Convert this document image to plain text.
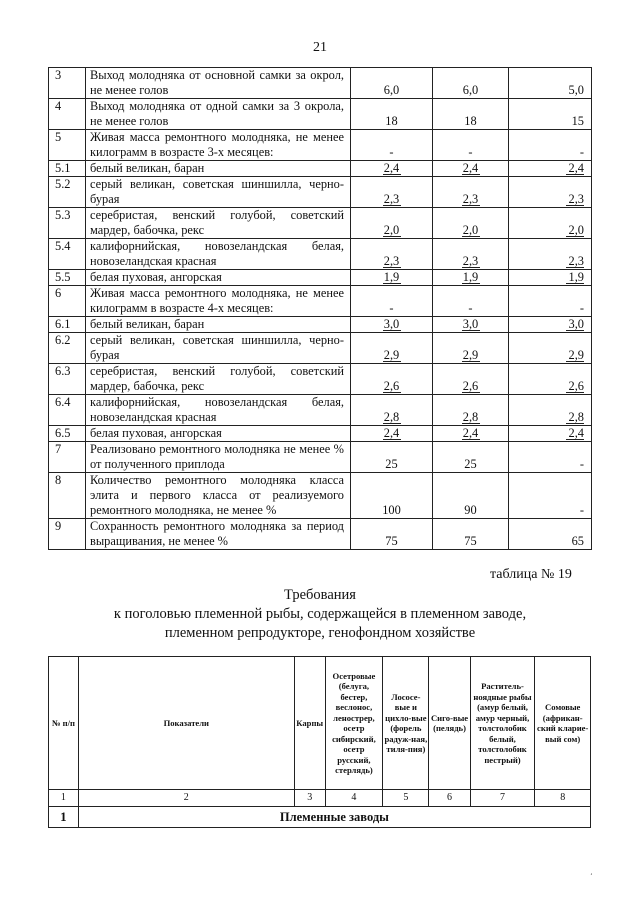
21
3	Выход молодняка от основной самки за окрол, не менее голов	6,0	6,0	5,0
4	Выход молодняка от одной самки за 3 окрола, не менее голов	18	18	15
5	Живая масса ремонтного молодняка, не менее килограмм в возрасте 3-х месяцев:	-	-	-
5.1	белый великан, баран	2,4	2,4	2,4
5.2	серый великан, советская шиншилла, черно-бурая	2,3	2,3	2,3
5.3	серебристая, венский голубой, советский мардер, бабочка, рекс	2,0	2,0	2,0
5.4	калифорнийская, новозеландская белая, новозеландская красная	2,3	2,3	2,3
5.5	белая пуховая, ангорская	1,9	1,9	1,9
6	Живая масса ремонтного молодняка, не менее килограмм в возрасте 4-х месяцев:	-	-	-
6.1	белый великан, баран	3,0	3,0	3,0
6.2	серый великан, советская шиншилла, черно-бурая	2,9	2,9	2,9
6.3	серебристая, венский голубой, советский мардер, бабочка, рекс	2,6	2,6	2,6
6.4	калифорнийская, новозеландская белая, новозеландская красная	2,8	2,8	2,8
6.5	белая пуховая, ангорская	2,4	2,4	2,4
7	Реализовано ремонтного молодняка не менее % от полученного приплода	25	25	-
8	Количество ремонтного молодняка класса элита и первого класса от реализуемого ремонтного молодняка, не менее %	100	90	-
9	Сохранность ремонтного молодняка за период выращивания, не менее %	75	75	65
таблица № 19
Требования
к поголовью племенной рыбы, содержащейся в племенном заводе,
племенном репродукторе, генофондном хозяйстве
№ п/п	Показатели	Карпы	Осетровые (белуга, бестер, веслонос, ленострер, осетр сибирский, осетр русский, стерлядь)	Лососе-вые и цихло-вые (форель радуж-ная, тиля-пия)	Сиго-вые (пелядь)	Раститель-ноядные рыбы (амур белый, амур черный, толстолобик белый, толстолобик пестрый)	Сомовые (африкан-ский кларие-вый сом)
1	2	3	4	5	6	7	8
1	Племенные заводы						
،
